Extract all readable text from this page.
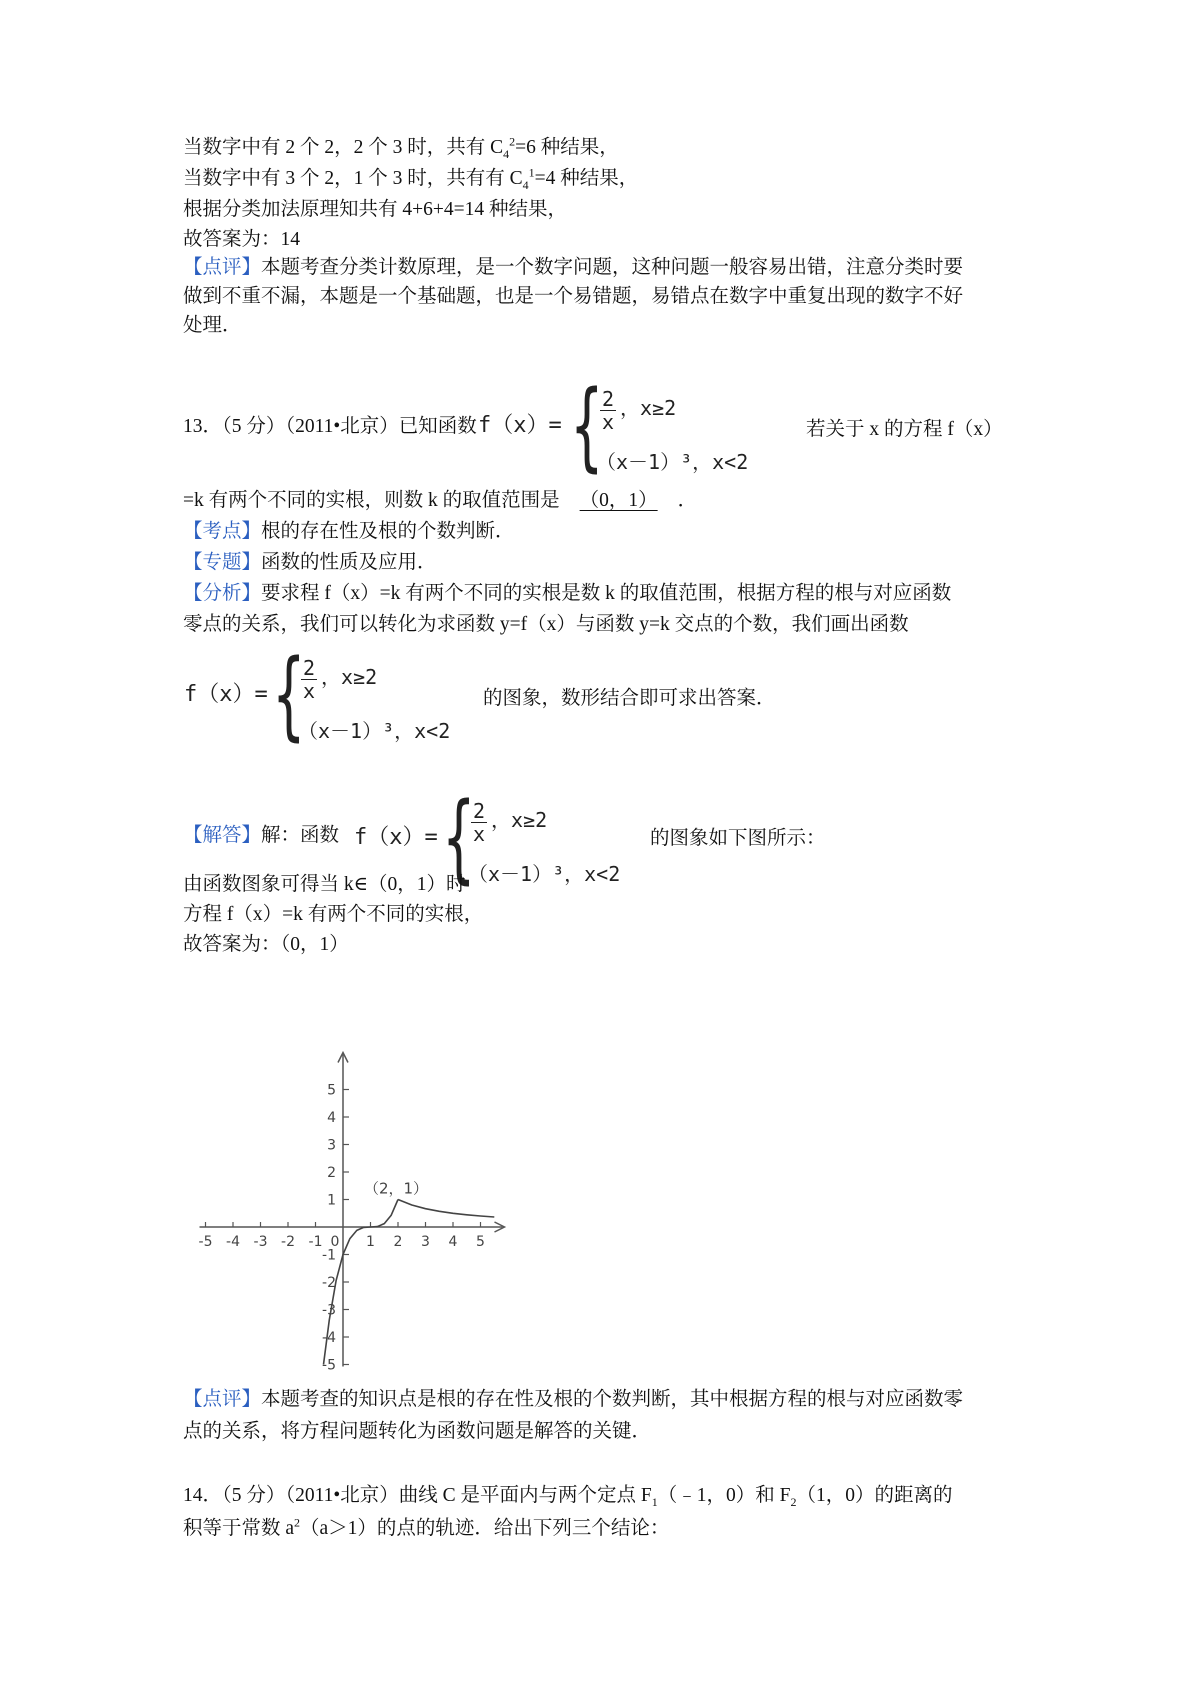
当数字中有 2 个 2，2 个 3 时，共有 $C_4^2=6$ 种结果，
当数字中有 3 个 2，1 个 3 时，共有有 $C_4^1=4$ 种结果，
根据分类加法原理知共有 4+6+4=14 种结果，
故答案为：14
【点评】本题考查分类计数原理，是一个数字问题，这种问题一般容易出错，注意分类时要
做到不重不漏，本题是一个基础题，也是一个易错题，易错点在数字中重复出现的数字不好
处理．
13．（5 分）（2011•北京）已知函数 f（x）= {
$\frac{2}{x}$ ，x≥2
（x－1）³，x<2
若关于 x 的方程 f（x）
=k 有两个不同的实根，则数 k 的取值范围是 （0，1） ．
【考点】根的存在性及根的个数判断．
【专题】函数的性质及应用．
【分析】要求程 f（x）=k 有两个不同的实根是数 k 的取值范围，根据方程的根与对应函数
零点的关系，我们可以转化为求函数 y=f（x）与函数 y=k 交点的个数，我们画出函数
f（x）= {
$\frac{2}{x}$ ，x≥2
（x－1）³，x<2
的图象，数形结合即可求出答案．
【解答】解：函数 f（x）= {
$\frac{2}{x}$ ，x≥2
（x－1）³，x<2
的图象如下图所示：
由函数图象可得当 k∈（0，1）时
方程 f（x）=k 有两个不同的实根，
故答案为：（0，1）
-5 -4 -3 -2 -1 0 1 2 3 4 5
5
4
3
2
1
-1
-2
-3
-4
-5
（2，1）
【点评】本题考查的知识点是根的存在性及根的个数判断，其中根据方程的根与对应函数零
点的关系，将方程问题转化为函数问题是解答的关键．
14．（5 分）（2011•北京）曲线 C 是平面内与两个定点 $F_1(﹣1$，0）和 $F_2(1$，0）的距离的
积等于常数 $a^2(a>1)$的点的轨迹．给出下列三个结论：
